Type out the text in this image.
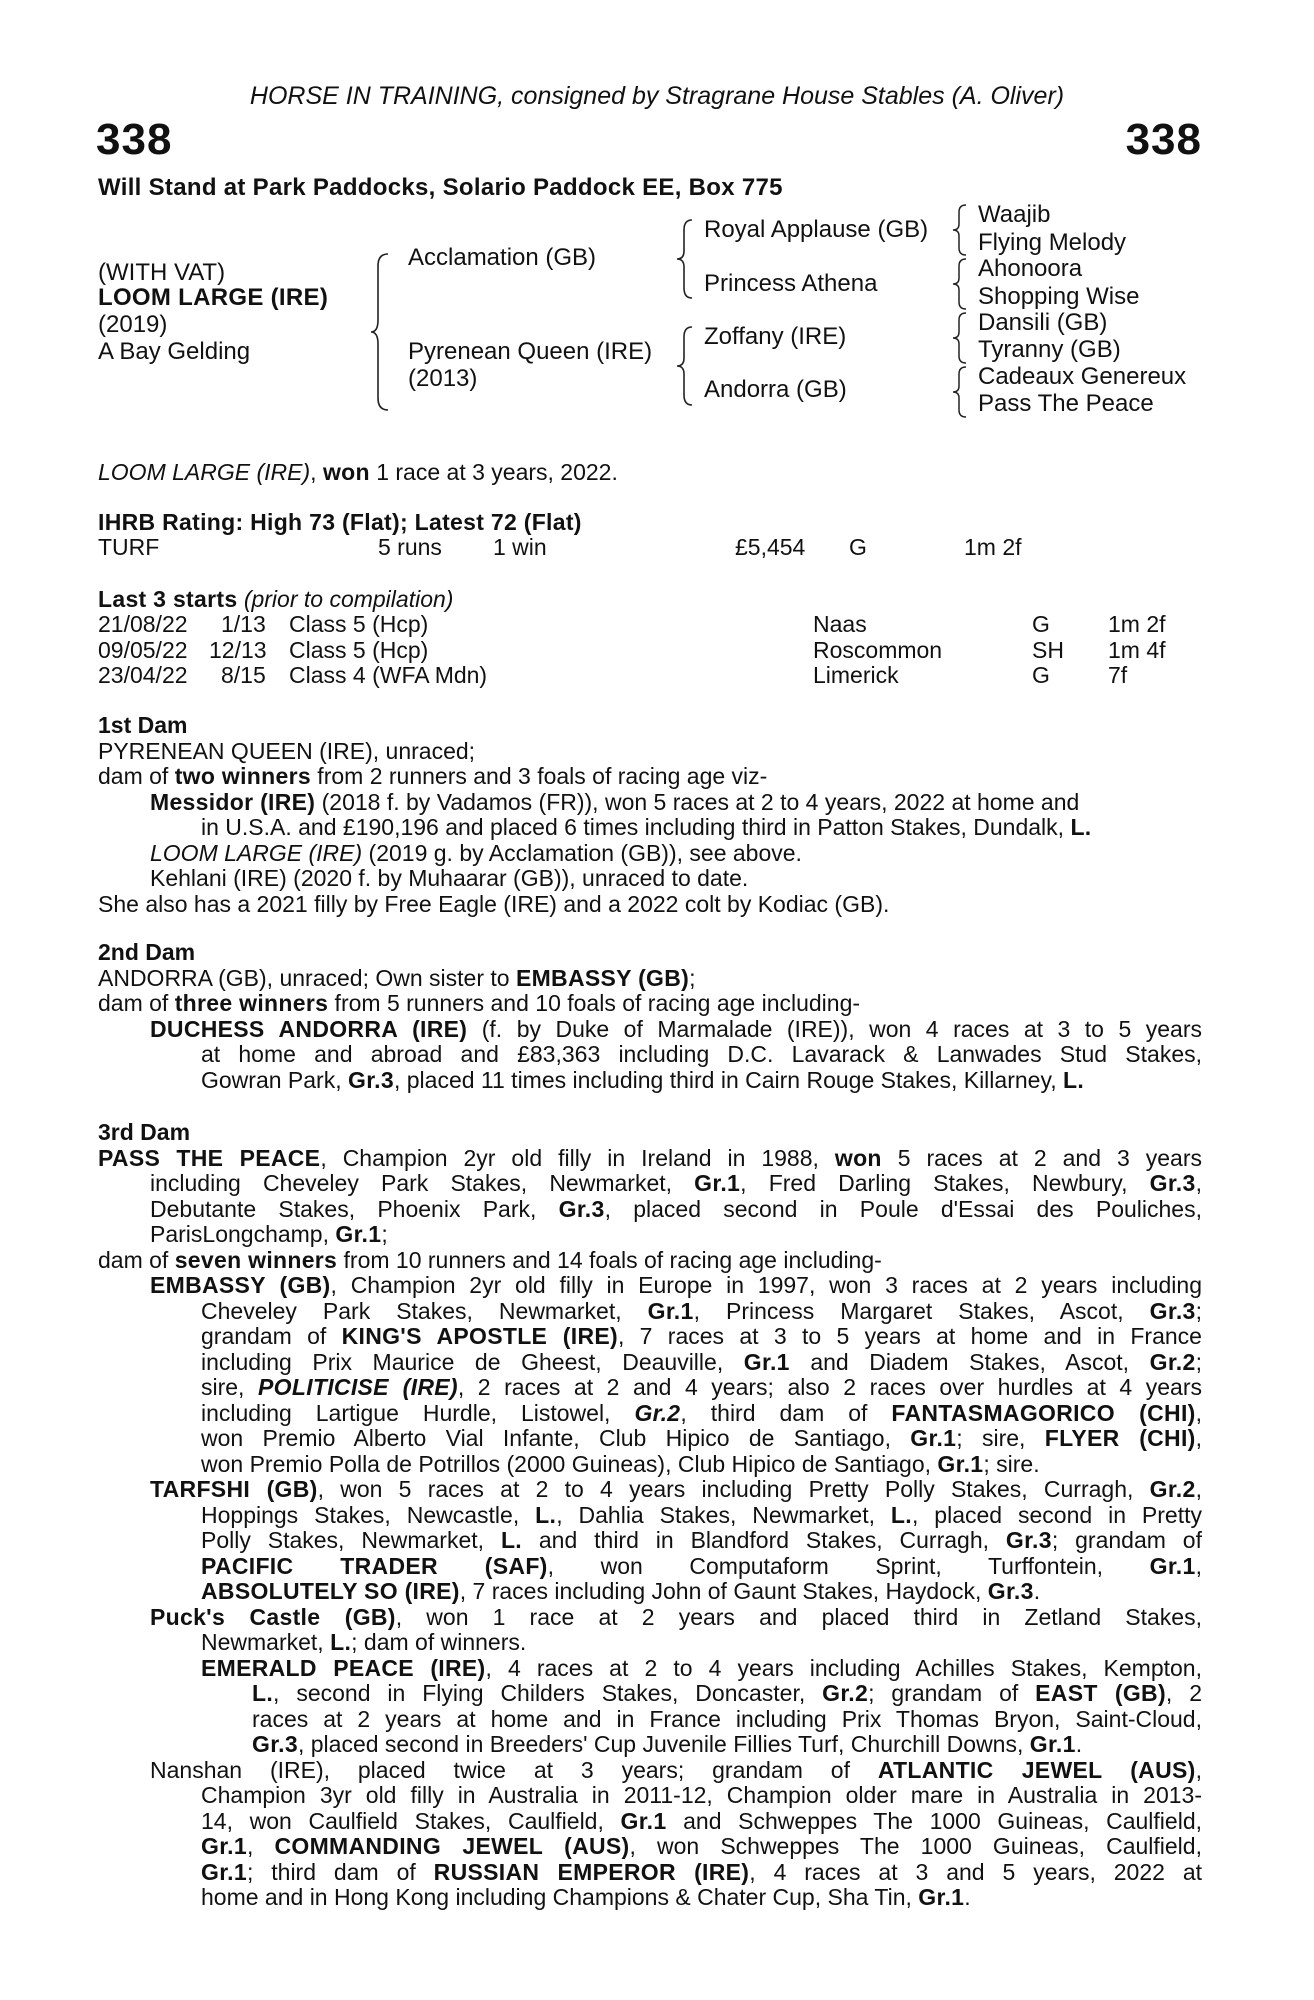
HORSE IN TRAINING, consigned by Stragrane House Stables (A. Oliver)
338	338
Will Stand at Park Paddocks, Solario Paddock EE, Box 775
(WITH VAT)
LOOM LARGE (IRE)
(2019)
A Bay Gelding
Acclamation (GB)
Pyrenean Queen (IRE)
(2013)
Royal Applause (GB)
Princess Athena
Zoffany (IRE)
Andorra (GB)
Waajib
Flying Melody
Ahonoora
Shopping Wise
Dansili (GB)
Tyranny (GB)
Cadeaux Genereux
Pass The Peace
LOOM LARGE (IRE), won 1 race at 3 years, 2022.
IHRB Rating: High 73 (Flat); Latest 72 (Flat)
TURF	5 runs 1 win	£5,454 G	1m 2f
Last 3 starts (prior to compilation)
21/08/22 1/13 Class 5 (Hcp)	Naas	G	1m 2f
09/05/22 12/13 Class 5 (Hcp)	Roscommon	SH 1m 4f
23/04/22 8/15 Class 4 (WFA Mdn)	Limerick	G	7f
1st Dam
PYRENEAN QUEEN (IRE), unraced;
dam of two winners from 2 runners and 3 foals of racing age viz-
Messidor (IRE) (2018 f. by Vadamos (FR)), won 5 races at 2 to 4 years, 2022 at home and
in U.S.A. and £190,196 and placed 6 times including third in Patton Stakes, Dundalk, L.
LOOM LARGE (IRE) (2019 g. by Acclamation (GB)), see above.
Kehlani (IRE) (2020 f. by Muhaarar (GB)), unraced to date.
She also has a 2021 filly by Free Eagle (IRE) and a 2022 colt by Kodiac (GB).
2nd Dam
ANDORRA (GB), unraced; Own sister to EMBASSY (GB);
dam of three winners from 5 runners and 10 foals of racing age including-
DUCHESS ANDORRA (IRE) (f. by Duke of Marmalade (IRE)), won 4 races at 3 to 5 years
at home and abroad and £83,363 including D.C. Lavarack & Lanwades Stud Stakes,
Gowran Park, Gr.3, placed 11 times including third in Cairn Rouge Stakes, Killarney, L.
3rd Dam
PASS THE PEACE, Champion 2yr old filly in Ireland in 1988, won 5 races at 2 and 3 years
including Cheveley Park Stakes, Newmarket, Gr.1, Fred Darling Stakes, Newbury, Gr.3,
Debutante Stakes, Phoenix Park, Gr.3, placed second in Poule d'Essai des Pouliches,
ParisLongchamp, Gr.1;
dam of seven winners from 10 runners and 14 foals of racing age including-
EMBASSY (GB), Champion 2yr old filly in Europe in 1997, won 3 races at 2 years including
Cheveley Park Stakes, Newmarket, Gr.1, Princess Margaret Stakes, Ascot, Gr.3;
grandam of KING'S APOSTLE (IRE), 7 races at 3 to 5 years at home and in France
including Prix Maurice de Gheest, Deauville, Gr.1 and Diadem Stakes, Ascot, Gr.2;
sire, POLITICISE (IRE), 2 races at 2 and 4 years; also 2 races over hurdles at 4 years
including Lartigue Hurdle, Listowel, Gr.2, third dam of FANTASMAGORICO (CHI),
won Premio Alberto Vial Infante, Club Hipico de Santiago, Gr.1; sire, FLYER (CHI),
won Premio Polla de Potrillos (2000 Guineas), Club Hipico de Santiago, Gr.1; sire.
TARFSHI (GB), won 5 races at 2 to 4 years including Pretty Polly Stakes, Curragh, Gr.2,
Hoppings Stakes, Newcastle, L., Dahlia Stakes, Newmarket, L., placed second in Pretty
Polly Stakes, Newmarket, L. and third in Blandford Stakes, Curragh, Gr.3; grandam of
PACIFIC TRADER (SAF), won Computaform Sprint, Turffontein, Gr.1,
ABSOLUTELY SO (IRE), 7 races including John of Gaunt Stakes, Haydock, Gr.3.
Puck's Castle (GB), won 1 race at 2 years and placed third in Zetland Stakes,
Newmarket, L.; dam of winners.
EMERALD PEACE (IRE), 4 races at 2 to 4 years including Achilles Stakes, Kempton,
L., second in Flying Childers Stakes, Doncaster, Gr.2; grandam of EAST (GB), 2
races at 2 years at home and in France including Prix Thomas Bryon, Saint-Cloud,
Gr.3, placed second in Breeders' Cup Juvenile Fillies Turf, Churchill Downs, Gr.1.
Nanshan (IRE), placed twice at 3 years; grandam of ATLANTIC JEWEL (AUS),
Champion 3yr old filly in Australia in 2011-12, Champion older mare in Australia in 2013-
14, won Caulfield Stakes, Caulfield, Gr.1 and Schweppes The 1000 Guineas, Caulfield,
Gr.1, COMMANDING JEWEL (AUS), won Schweppes The 1000 Guineas, Caulfield,
Gr.1; third dam of RUSSIAN EMPEROR (IRE), 4 races at 3 and 5 years, 2022 at
home and in Hong Kong including Champions & Chater Cup, Sha Tin, Gr.1.
